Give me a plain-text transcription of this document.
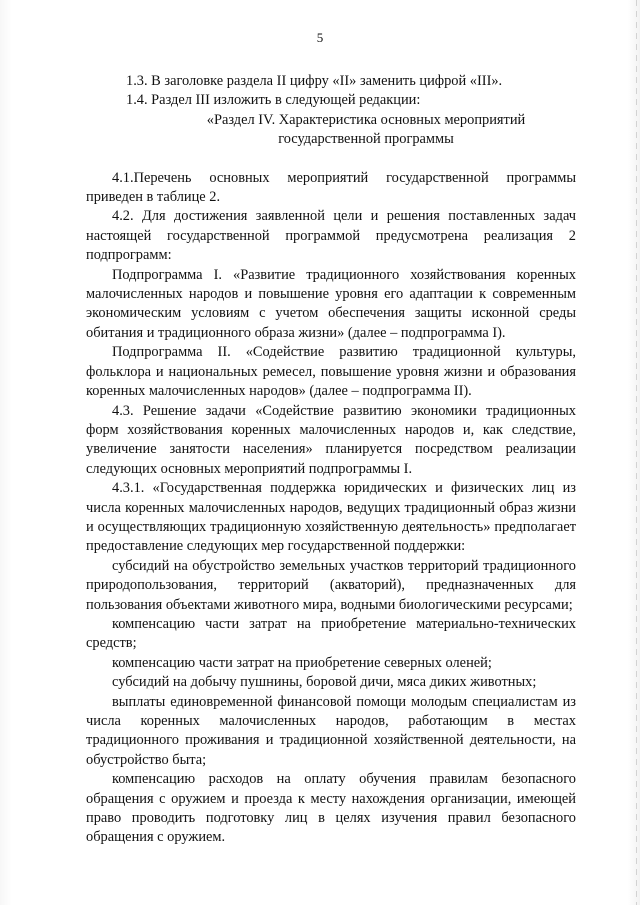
5

1.3. В заголовке раздела II цифру «II» заменить цифрой «III».

1.4. Раздел III изложить в следующей редакции:

«Раздел IV. Характеристика основных мероприятий государственной программы

4.1.Перечень основных мероприятий государственной программы приведен в таблице 2.

4.2. Для достижения заявленной цели и решения поставленных задач настоящей государственной программой предусмотрена реализация 2 подпрограмм:

Подпрограмма I. «Развитие традиционного хозяйствования коренных малочисленных народов и повышение уровня его адаптации к современным экономическим условиям с учетом обеспечения защиты исконной среды обитания и традиционного образа жизни» (далее – подпрограмма I).

Подпрограмма II. «Содействие развитию традиционной культуры, фольклора и национальных ремесел, повышение уровня жизни и образования коренных малочисленных народов» (далее – подпрограмма II).

4.3. Решение задачи «Содействие развитию экономики традиционных форм хозяйствования коренных малочисленных народов и, как следствие, увеличение занятости населения» планируется посредством реализации следующих основных мероприятий подпрограммы I.

4.3.1. «Государственная поддержка юридических и физических лиц из числа коренных малочисленных народов, ведущих традиционный образ жизни и осуществляющих традиционную хозяйственную деятельность» предполагает предоставление следующих мер государственной поддержки:

субсидий на обустройство земельных участков территорий традиционного природопользования, территорий (акваторий), предназначенных для пользования объектами животного мира, водными биологическими ресурсами;

компенсацию части затрат на приобретение материально-технических средств;

компенсацию части затрат на приобретение северных оленей;

субсидий на добычу пушнины, боровой дичи, мяса диких животных;

выплаты единовременной финансовой помощи молодым специалистам из числа коренных малочисленных народов, работающим в местах традиционного проживания и традиционной хозяйственной деятельности, на обустройство быта;

компенсацию расходов на оплату обучения правилам безопасного обращения с оружием и проезда к месту нахождения организации, имеющей право проводить подготовку лиц в целях изучения правил безопасного обращения с оружием.
